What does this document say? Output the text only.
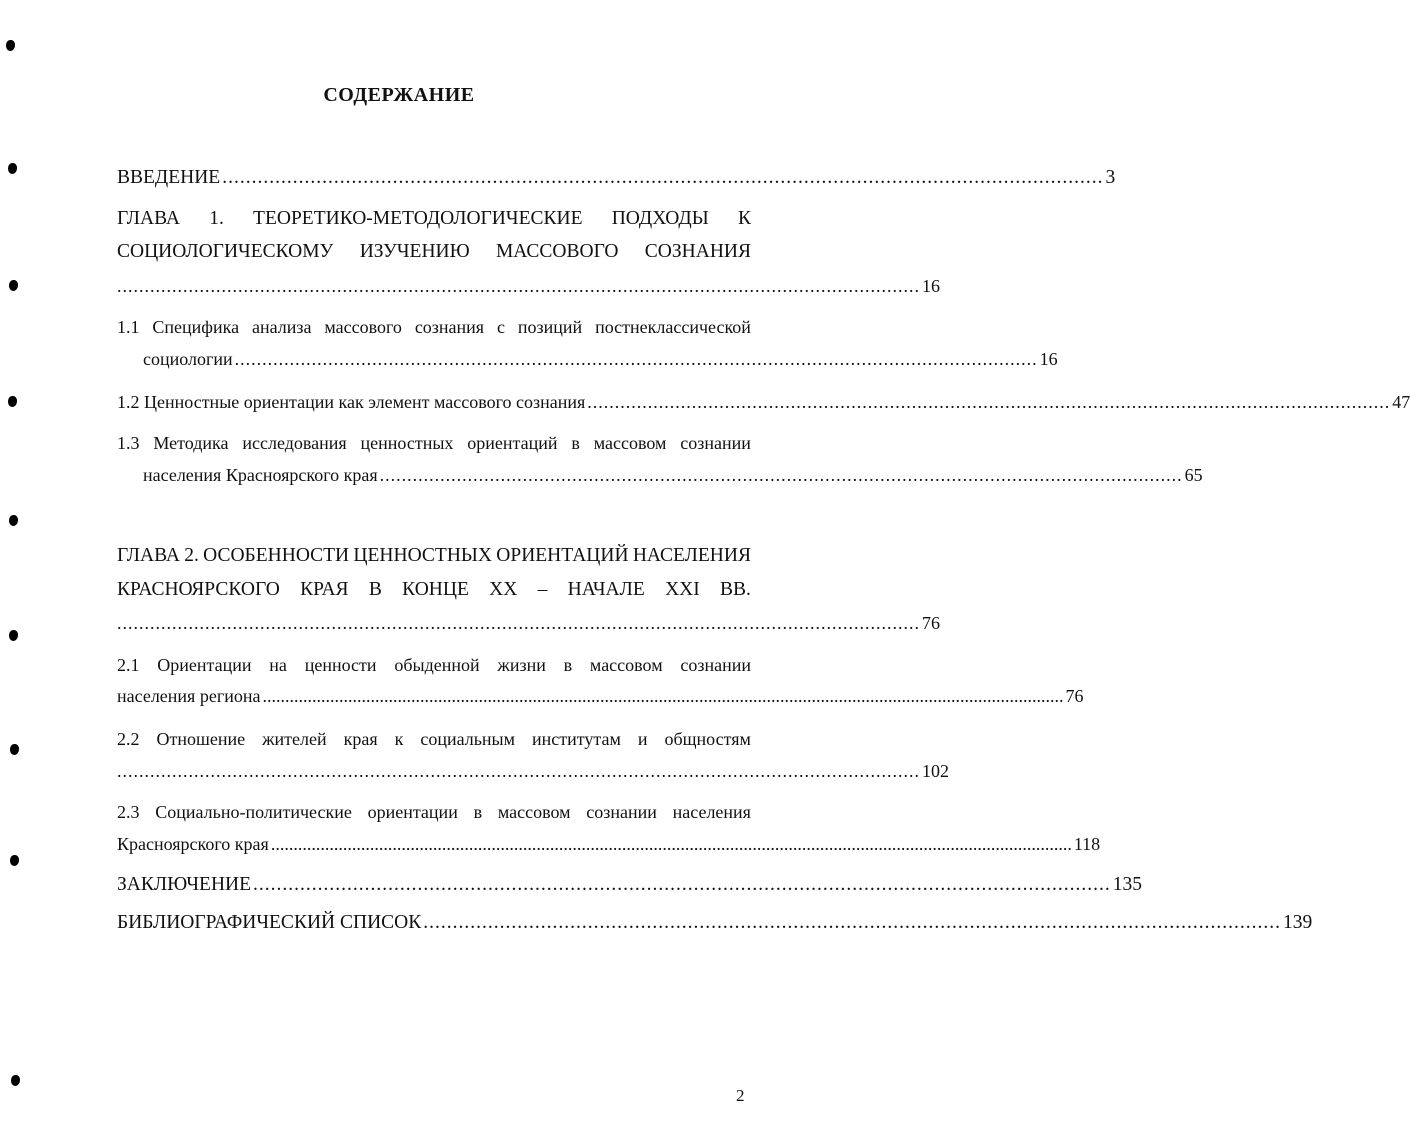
СОДЕРЖАНИЕ
ВВЕДЕНИЕ ...................................................................................................................................................... 3
ГЛАВА 1. ТЕОРЕТИКО-МЕТОДОЛОГИЧЕСКИЕ ПОДХОДЫ К
СОЦИОЛОГИЧЕСКОМУ ИЗУЧЕНИЮ МАССОВОГО СОЗНАНИЯ
.................................................................................................................................................. 16
1.1 Специфика анализа массового сознания с позиций постнеклассической
социологии .................................................................................................................................................. 16
1.2 Ценностные ориентации как элемент массового сознания .................................................................................................................................................. 47
1.3 Методика исследования ценностных ориентаций в массовом сознании
населения Красноярского края .................................................................................................................................................. 65
ГЛАВА 2. ОСОБЕННОСТИ ЦЕННОСТНЫХ ОРИЕНТАЦИЙ НАСЕЛЕНИЯ
КРАСНОЯРСКОГО КРАЯ В КОНЦЕ XX – НАЧАЛЕ XXI ВВ.
.................................................................................................................................................. 76
2.1 Ориентации на ценности обыденной жизни в массовом сознании
населения региона .................................................................................................................................................................................. 76
2.2 Отношение жителей края к социальным институтам и общностям
.................................................................................................................................................. 102
2.3 Социально-политические ориентации в массовом сознании населения
Красноярского края .................................................................................................................................................................................. 118
ЗАКЛЮЧЕНИЕ .................................................................................................................................................. 135
БИБЛИОГРАФИЧЕСКИЙ СПИСОК .................................................................................................................................................. 139
2
